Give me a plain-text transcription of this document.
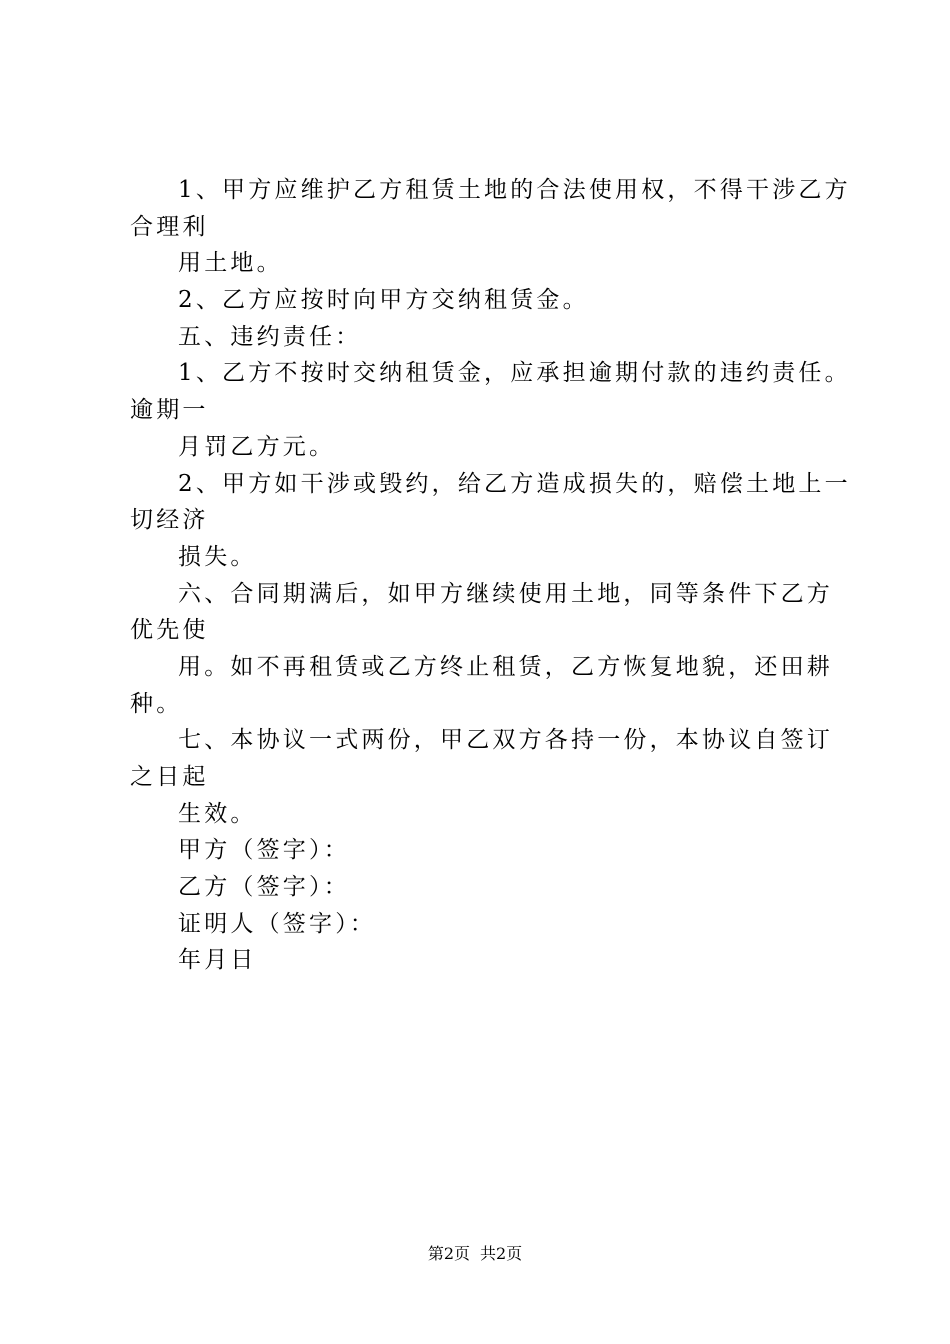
1、甲方应维护乙方租赁土地的合法使用权，不得干涉乙方
合理利
用土地。
2、乙方应按时向甲方交纳租赁金。
五、违约责任：
1、乙方不按时交纳租赁金，应承担逾期付款的违约责任。
逾期一
月罚乙方元。
2、甲方如干涉或毁约，给乙方造成损失的，赔偿土地上一
切经济
损失。
六、合同期满后，如甲方继续使用土地，同等条件下乙方
优先使
用。如不再租赁或乙方终止租赁，乙方恢复地貌，还田耕
种。
七、本协议一式两份，甲乙双方各持一份，本协议自签订
之日起
生效。
甲方（签字）：
乙方（签字）：
证明人（签字）：
年月日
第2页 共2页
